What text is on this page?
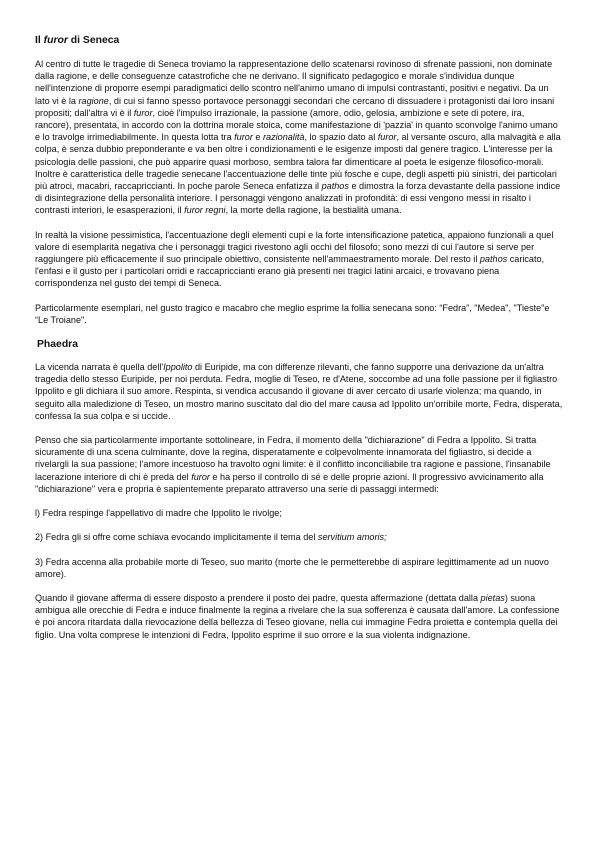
Il furor di Seneca

Al centro di tutte le tragedie di Seneca troviamo la rappresentazione dello scatenarsi rovinoso di sfrenate passioni, non dominate dalla ragione, e delle conseguenze catastrofiche che ne derivano. Il significato pedagogico e morale s'individua dunque nell'intenzione di proporre esempi paradigmatici dello scontro nell'animo umano di impulsi contrastanti, positivi e negativi. Da un lato vi è la ragione, di cui si fanno spesso portavoce personaggi secondari che cercano di dissuadere i protagonisti dai loro insani propositi; dall'altra vi è il furor, cioè l'impulso irrazionale, la passione (amore, odio, gelosia, ambizione e sete di potere, ira, rancore), presentata, in accordo con la dottrina morale stoica, come manifestazione di 'pazzia' in quanto sconvolge l'animo umano e lo travolge irrimediabilmente. In questa lotta tra furor e razionalità, lo spazio dato al furor, al versante oscuro, alla malvagità e alla colpa, è senza dubbio preponderante e va ben oltre i condizionamenti e le esigenze imposti dal genere tragico. L'interesse per la psicologia delle passioni, che può apparire quasi morboso, sembra talora far dimenticare al poeta le esigenze filosofico-morali. Inoltre è caratteristica delle tragedie senecane l'accentuazione delle tinte più fosche e cupe, degli aspetti più sinistri, dei particolari più atroci, macabri, raccapriccianti. In poche parole Seneca enfatizza il pathos e dimostra la forza devastante della passione indice di disintegrazione della personalità interiore. I personaggi vengono analizzati in profondità: di essi vengono messi in risalto i contrasti interiori, le esasperazioni, il furor regni, la morte della ragione, la bestialità umana.

In realtà la visione pessimistica, l'accentuazione degli elementi cupi e la forte intensificazione patetica, appaiono funzionali a quel valore di esemplarità negativa che i personaggi tragici rivestono agli occhi del filosofo; sono mezzi di cui l'autore si serve per raggiungere più efficacemente il suo principale obiettivo, consistente nell'ammaestramento morale. Del resto il pathos caricato, l'enfasi e il gusto per i particolari orridi e raccapriccianti erano già presenti nei tragici latini arcaici, e trovavano piena corrispondenza nel gusto dei tempi di Seneca.

Particolarmente esemplari, nel gusto tragico e macabro che meglio esprime la follia senecana sono: “Fedra”, "Medea", "Tieste"e “Le Troiane".

Phaedra

La vicenda narrata è quella dell'Ippolito di Euripide, ma con differenze rilevanti, che fanno supporre una derivazione da un'altra tragedia dello stesso Euripide, per noi perduta. Fedra, moglie di Teseo, re d'Atene, soccombe ad una folle passione per il figliastro Ippolito e gli dichiara il suo amore. Respinta, si vendica accusando il giovane di aver cercato di usarle violenza; ma quando, in seguito alla maledizione di Teseo, un mostro marino suscitato dal dio del mare causa ad Ippolito un'orribile morte, Fedra, disperata, confessa la sua colpa e si uccide.

Penso che sia particolarmente importante sottolineare, in Fedra, il momento della "dichiarazione" di Fedra a Ippolito. Si tratta sicuramente di una scena culminante, dove la regina, disperatamente e colpevolmente innamorata del figliastro, si decide a rivelargli la sua passione; l'amore incestuoso ha travolto ogni limite: è il conflitto inconciliabile tra ragione e passione, l'insanabile lacerazione interiore di chi è preda del furor e ha perso il controllo di sé e delle proprie azioni. Il progressivo avvicinamento alla "dichiarazione" vera e propria è sapientemente preparato attraverso una serie di passaggi intermedi:

l) Fedra respinge l'appellativo di madre che Ippolito le rivolge;

2) Fedra gli si offre come schiava evocando implicitamente il tema del servitium amoris;

3) Fedra accenna alla probabile morte di Teseo, suo marito (morte che le permetterebbe di aspirare legittimamente ad un nuovo amore).

Quando il giovane afferma di essere disposto a prendere il posto dei padre, questa affermazione (dettata dalla pietas) suona ambigua alle orecchie di Fedra e induce finalmente la regina a rivelare che la sua sofferenza è causata dall'amore. La confessione è poi ancora ritardata dalla rievocazione della bellezza di Teseo giovane, nella cui immagine Fedra proietta e contempla quella dei figlio. Una volta comprese le intenzioni di Fedra, Ippolito esprime il suo orrore e la sua violenta indignazione.
